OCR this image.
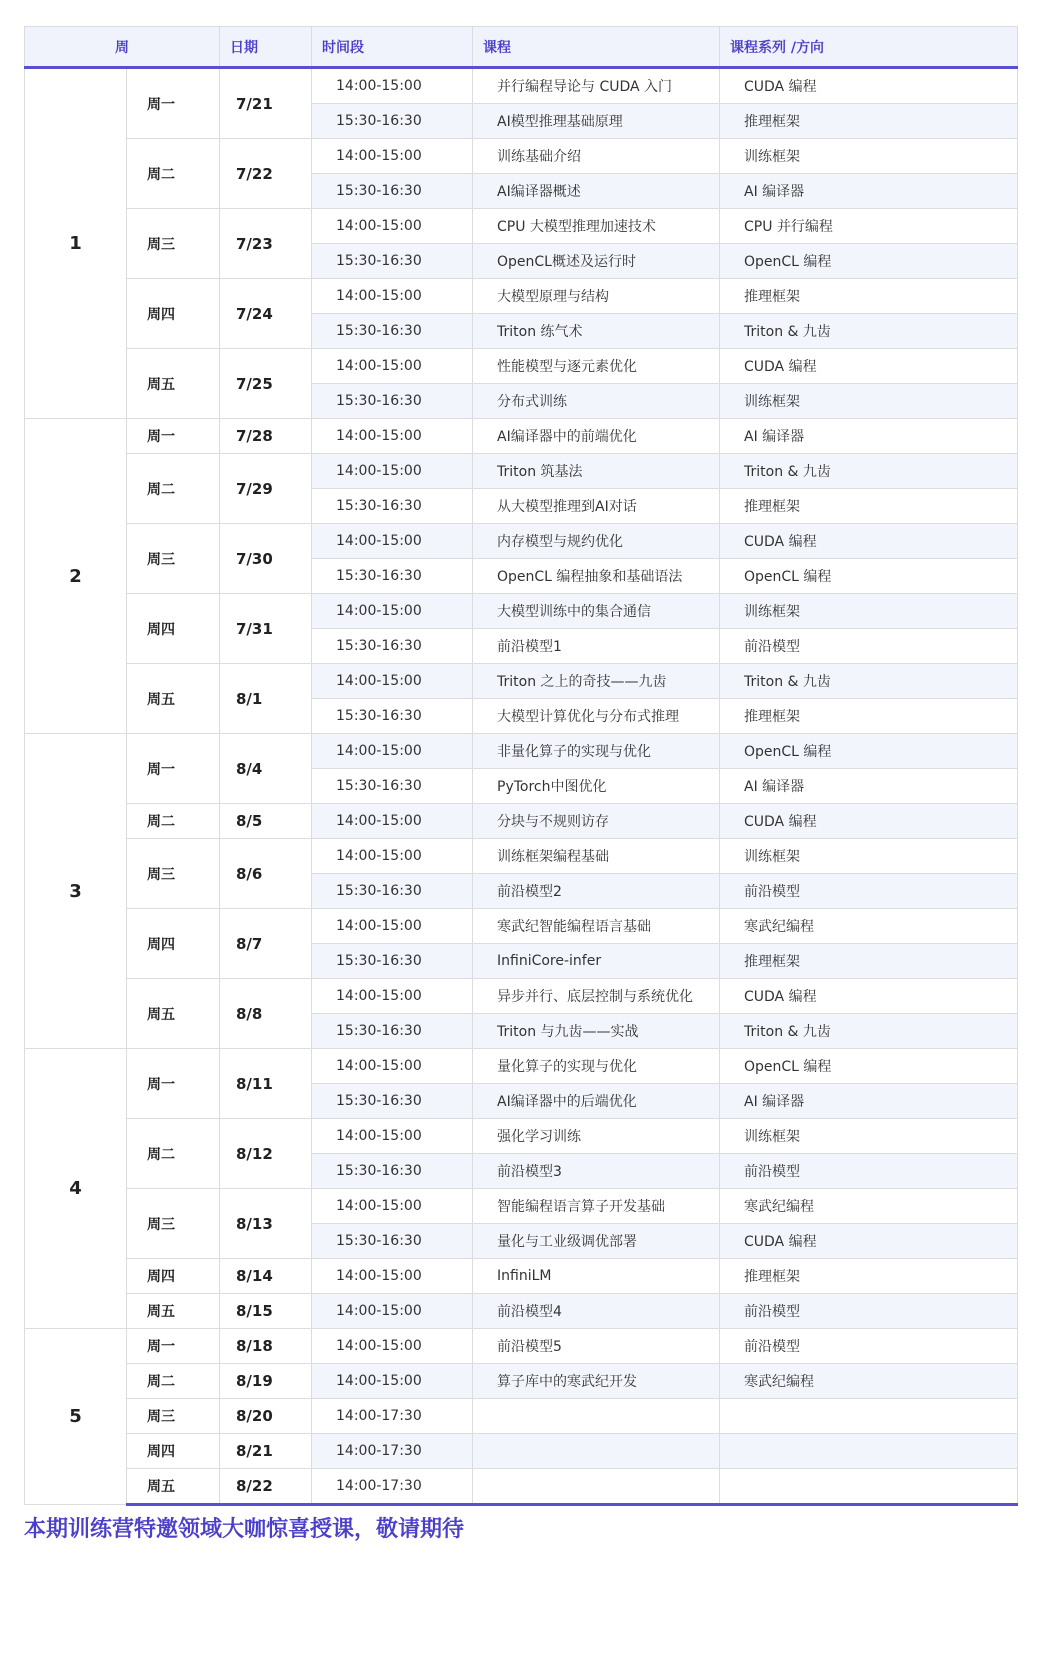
周		日期	时间段	课程	课程系列 /方向
1	周一	7/21	14:00-15:00	并行编程导论与 CUDA 入门	CUDA 编程
			15:30-16:30	AI模型推理基础原理	推理框架
	周二	7/22	14:00-15:00	训练基础介绍	训练框架
			15:30-16:30	AI编译器概述	AI 编译器
	周三	7/23	14:00-15:00	CPU 大模型推理加速技术	CPU 并行编程
			15:30-16:30	OpenCL概述及运行时	OpenCL 编程
	周四	7/24	14:00-15:00	大模型原理与结构	推理框架
			15:30-16:30	Triton 练气术	Triton & 九齿
	周五	7/25	14:00-15:00	性能模型与逐元素优化	CUDA 编程
			15:30-16:30	分布式训练	训练框架
2	周一	7/28	14:00-15:00	AI编译器中的前端优化	AI 编译器
	周二	7/29	14:00-15:00	Triton 筑基法	Triton & 九齿
			15:30-16:30	从大模型推理到AI对话	推理框架
	周三	7/30	14:00-15:00	内存模型与规约优化	CUDA 编程
			15:30-16:30	OpenCL 编程抽象和基础语法	OpenCL 编程
	周四	7/31	14:00-15:00	大模型训练中的集合通信	训练框架
			15:30-16:30	前沿模型1	前沿模型
	周五	8/1	14:00-15:00	Triton 之上的奇技——九齿	Triton & 九齿
			15:30-16:30	大模型计算优化与分布式推理	推理框架
3	周一	8/4	14:00-15:00	非量化算子的实现与优化	OpenCL 编程
			15:30-16:30	PyTorch中图优化	AI 编译器
	周二	8/5	14:00-15:00	分块与不规则访存	CUDA 编程
	周三	8/6	14:00-15:00	训练框架编程基础	训练框架
			15:30-16:30	前沿模型2	前沿模型
	周四	8/7	14:00-15:00	寒武纪智能编程语言基础	寒武纪编程
			15:30-16:30	InfiniCore-infer	推理框架
	周五	8/8	14:00-15:00	异步并行、底层控制与系统优化	CUDA 编程
			15:30-16:30	Triton 与九齿——实战	Triton & 九齿
4	周一	8/11	14:00-15:00	量化算子的实现与优化	OpenCL 编程
			15:30-16:30	AI编译器中的后端优化	AI 编译器
	周二	8/12	14:00-15:00	强化学习训练	训练框架
			15:30-16:30	前沿模型3	前沿模型
	周三	8/13	14:00-15:00	智能编程语言算子开发基础	寒武纪编程
			15:30-16:30	量化与工业级调优部署	CUDA 编程
	周四	8/14	14:00-15:00	InfiniLM	推理框架
	周五	8/15	14:00-15:00	前沿模型4	前沿模型
5	周一	8/18	14:00-15:00	前沿模型5	前沿模型
	周二	8/19	14:00-15:00	算子库中的寒武纪开发	寒武纪编程
	周三	8/20	14:00-17:30		
	周四	8/21	14:00-17:30		
	周五	8/22	14:00-17:30		
本期训练营特邀领域大咖惊喜授课，敬请期待
